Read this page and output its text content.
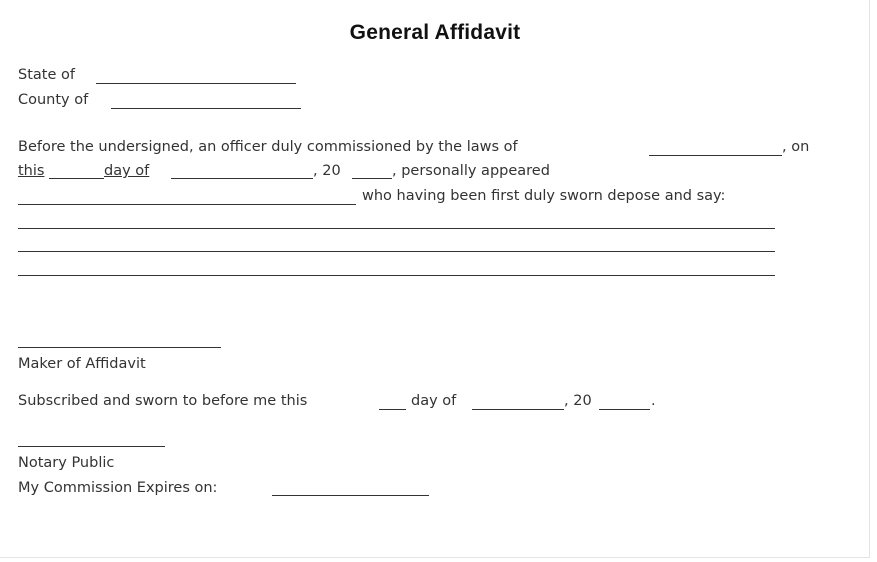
General Affidavit
State of
County of
Before the undersigned, an officer duly commissioned by the laws of	, on
this	day of	, 20	, personally appeared
who having been first duly sworn depose and say:
Maker of Affidavit
Subscribed and sworn to before me this	day of	, 20	.
Notary Public
My Commission Expires on:
